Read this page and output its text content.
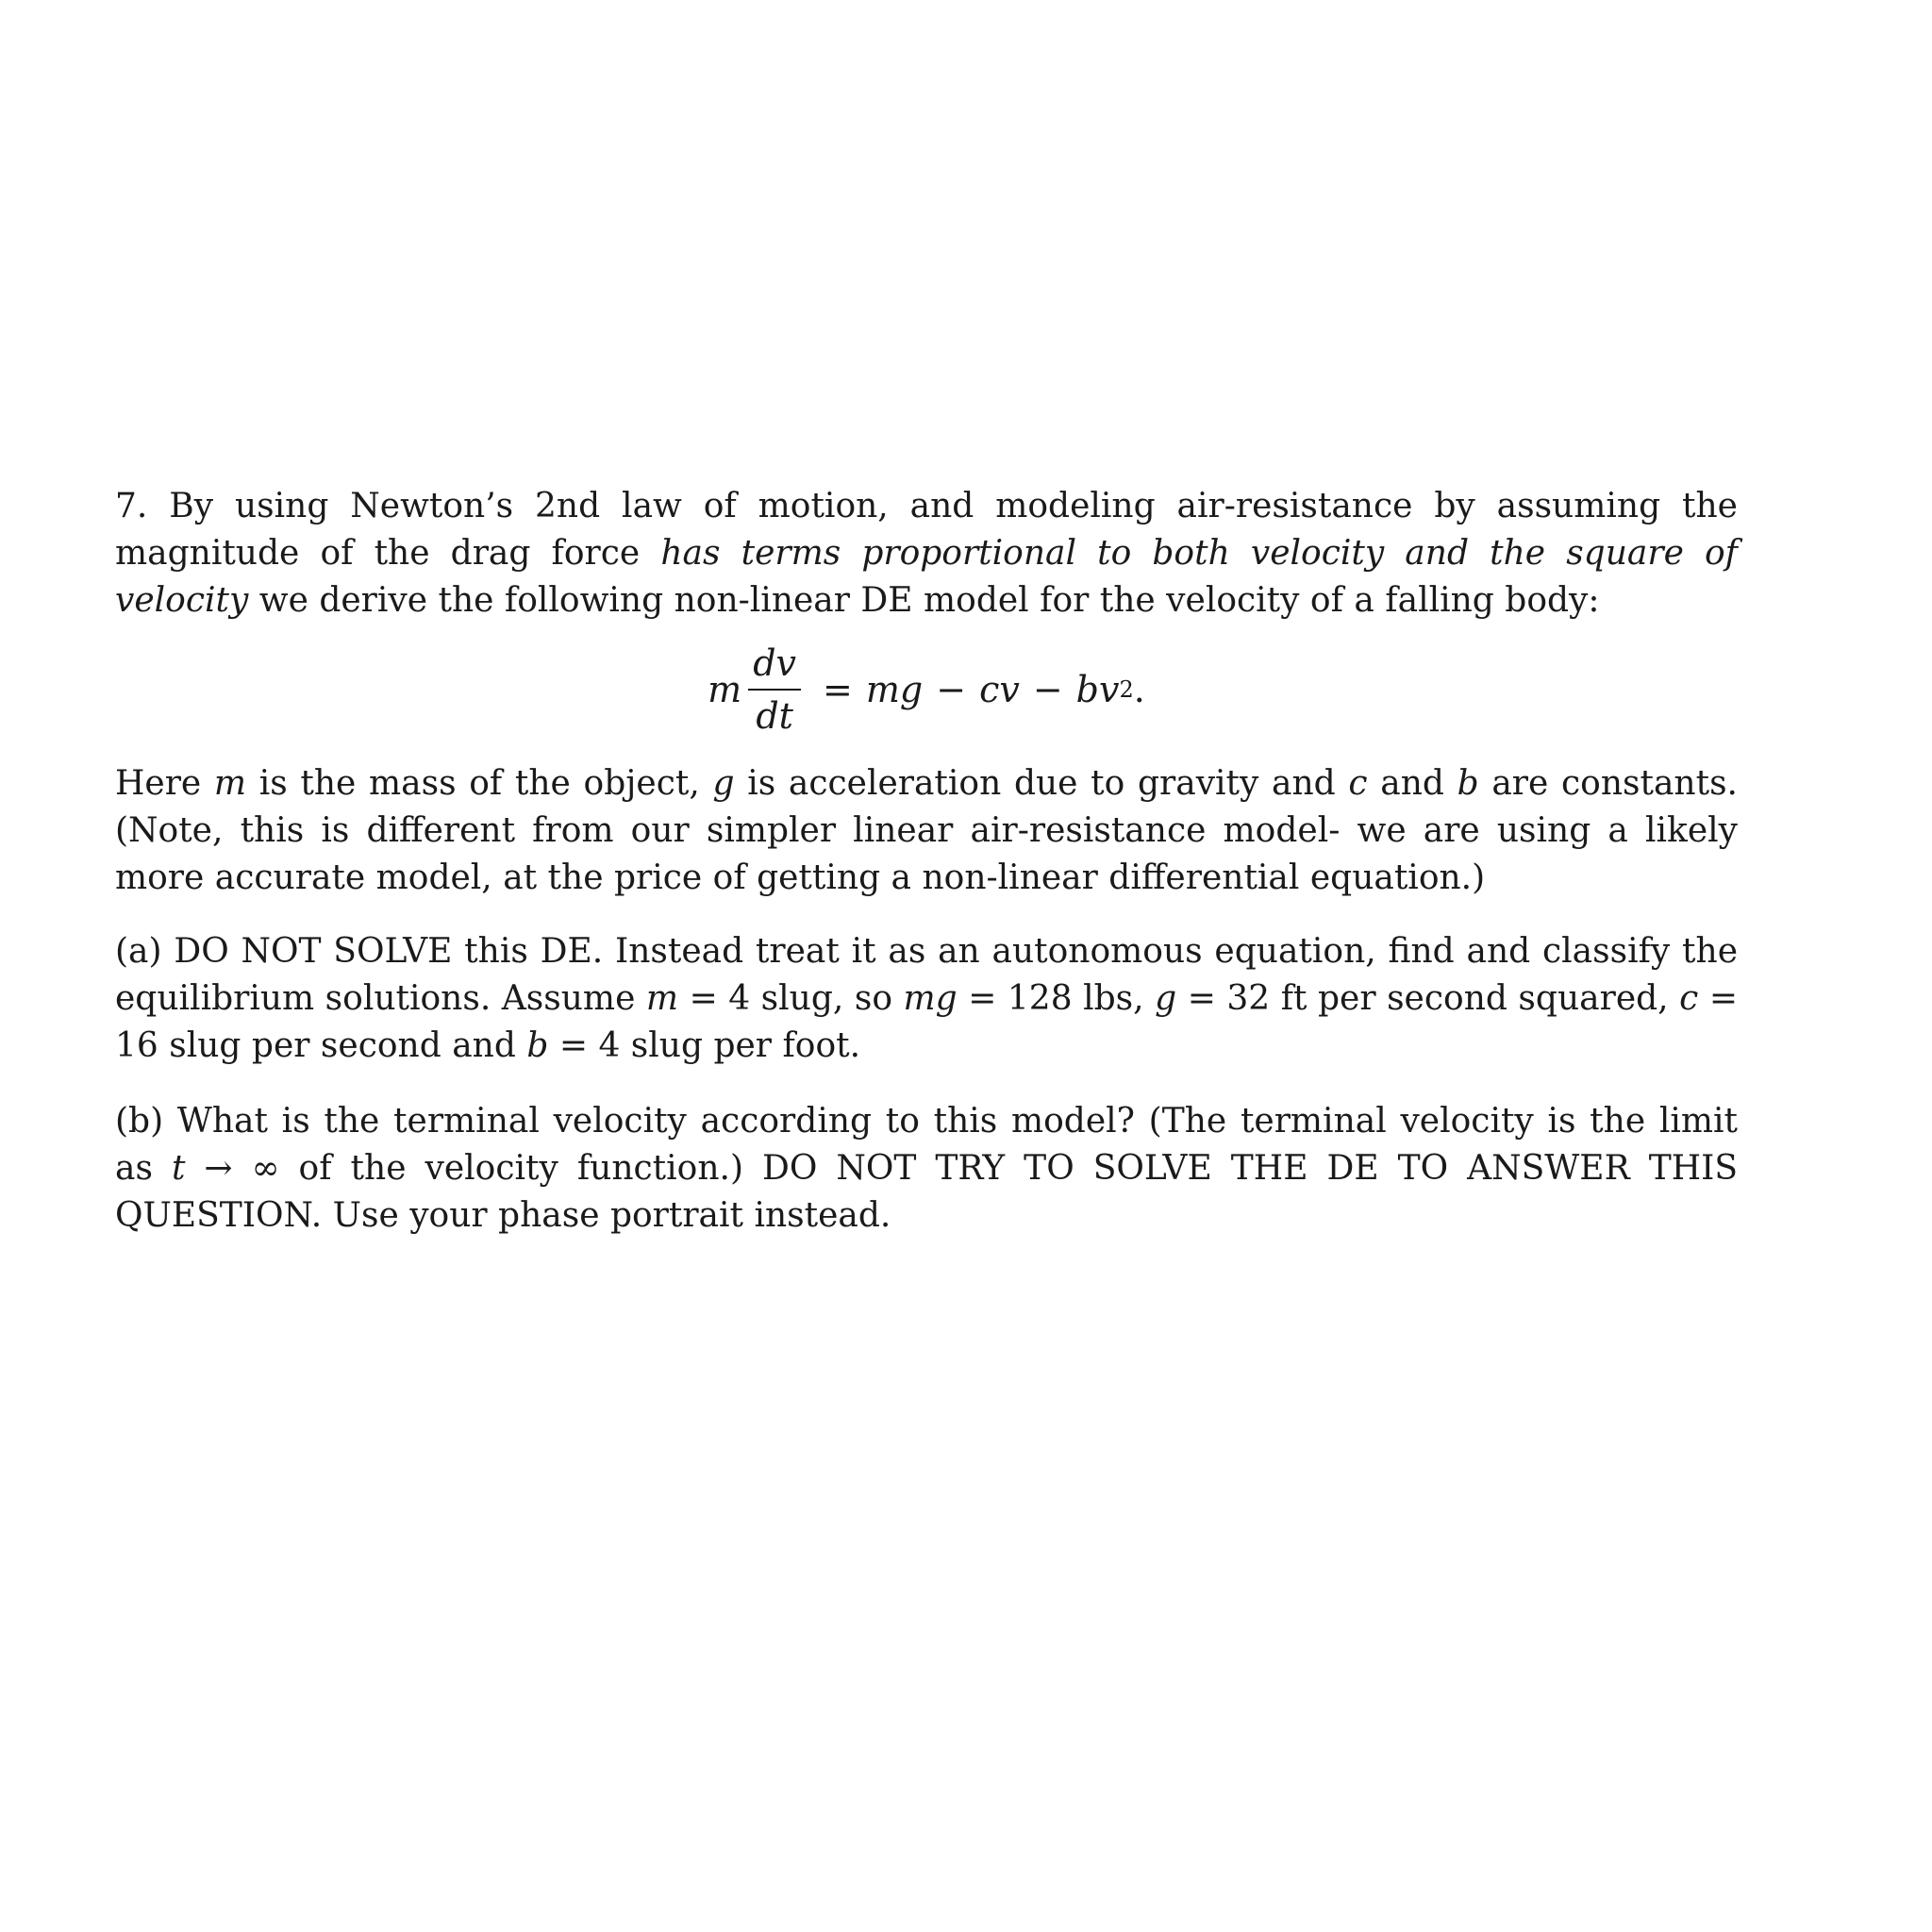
7. By using Newton’s 2nd law of motion, and modeling air-resistance by assuming the magnitude of the drag force has terms proportional to both velocity and the square of velocity we derive the following non-linear DE model for the velocity of a falling body:

m $\frac{dv}{dt}$ = mg − cv − bv 2 .

Here m is the mass of the object, g is acceleration due to gravity and c and b are constants. (Note, this is different from our simpler linear air-resistance model- we are using a likely more accurate model, at the price of getting a non-linear differential equation.)

(a) DO NOT SOLVE this DE. Instead treat it as an autonomous equation, find and classify the equilibrium solutions. Assume m = 4 slug, so mg = 128 lbs, g = 32 ft per second squared, c = 16 slug per second and b = 4 slug per foot.

(b) What is the terminal velocity according to this model? (The terminal velocity is the limit as t → ∞ of the velocity function.) DO NOT TRY TO SOLVE THE DE TO ANSWER THIS QUESTION. Use your phase portrait instead.
